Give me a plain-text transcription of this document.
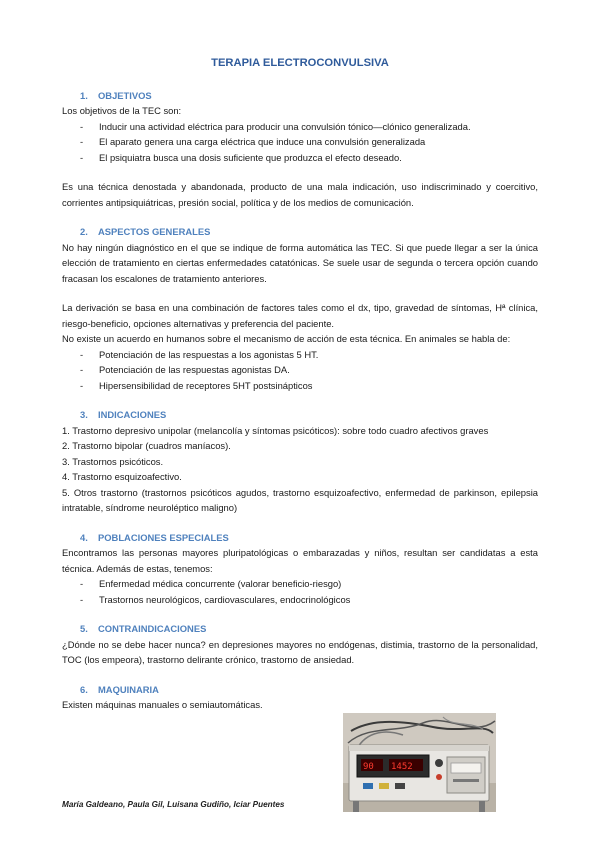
TERAPIA ELECTROCONVULSIVA
1. OBJETIVOS

Los objetivos de la TEC son:

- Inducir una actividad eléctrica para producir una convulsión tónico—clónico generalizada.
- El aparato genera una carga eléctrica que induce una convulsión generalizada
- El psiquiatra busca una dosis suficiente que produzca el efecto deseado.

Es una técnica denostada y abandonada, producto de una mala indicación, uso indiscriminado y coercitivo, corrientes antipsiquiátricas, presión social, política y de los medios de comunicación.

2. ASPECTOS GENERALES

No hay ningún diagnóstico en el que se indique de forma automática las TEC. Si que puede llegar a ser la única elección de tratamiento en ciertas enfermedades catatónicas. Se suele usar de segunda o tercera opción cuando fracasan los escalones de tratamiento anteriores.

La derivación se basa en una combinación de factores tales como el dx, tipo, gravedad de síntomas, Hª clínica, riesgo-beneficio, opciones alternativas y preferencia del paciente.

No existe un acuerdo en humanos sobre el mecanismo de acción de esta técnica. En animales se habla de:

- Potenciación de las respuestas a los agonistas 5 HT.
- Potenciación de las respuestas agonistas DA.
- Hipersensibilidad de receptores 5HT postsinápticos
3. INDICACIONES

1. Trastorno depresivo unipolar (melancolía y síntomas psicóticos): sobre todo cuadro afectivos graves

2. Trastorno bipolar (cuadros maníacos).

3. Trastornos psicóticos.

4. Trastorno esquizoafectivo.

5. Otros trastorno (trastornos psicóticos agudos, trastorno esquizoafectivo, enfermedad de parkinson, epilepsia intratable, síndrome neuroléptico maligno)

4. POBLACIONES ESPECIALES

Encontramos las personas mayores pluripatológicas o embarazadas y niños, resultan ser candidatas a esta técnica. Además de estas, tenemos:

- Enfermedad médica concurrente (valorar beneficio-riesgo)
- Trastornos neurológicos, cardiovasculares, endocrinológicos
5. CONTRAINDICACIONES

¿Dónde no se debe hacer nunca? en depresiones mayores no endógenas, distimia, trastorno de la personalidad, TOC (los empeora), trastorno delirante crónico, trastorno de ansiedad.

6. MAQUINARIA

Existen máquinas manuales o semiautomáticas.

90 1452
María Galdeano, Paula Gil, Luisana Gudiño, Iciar Puentes
